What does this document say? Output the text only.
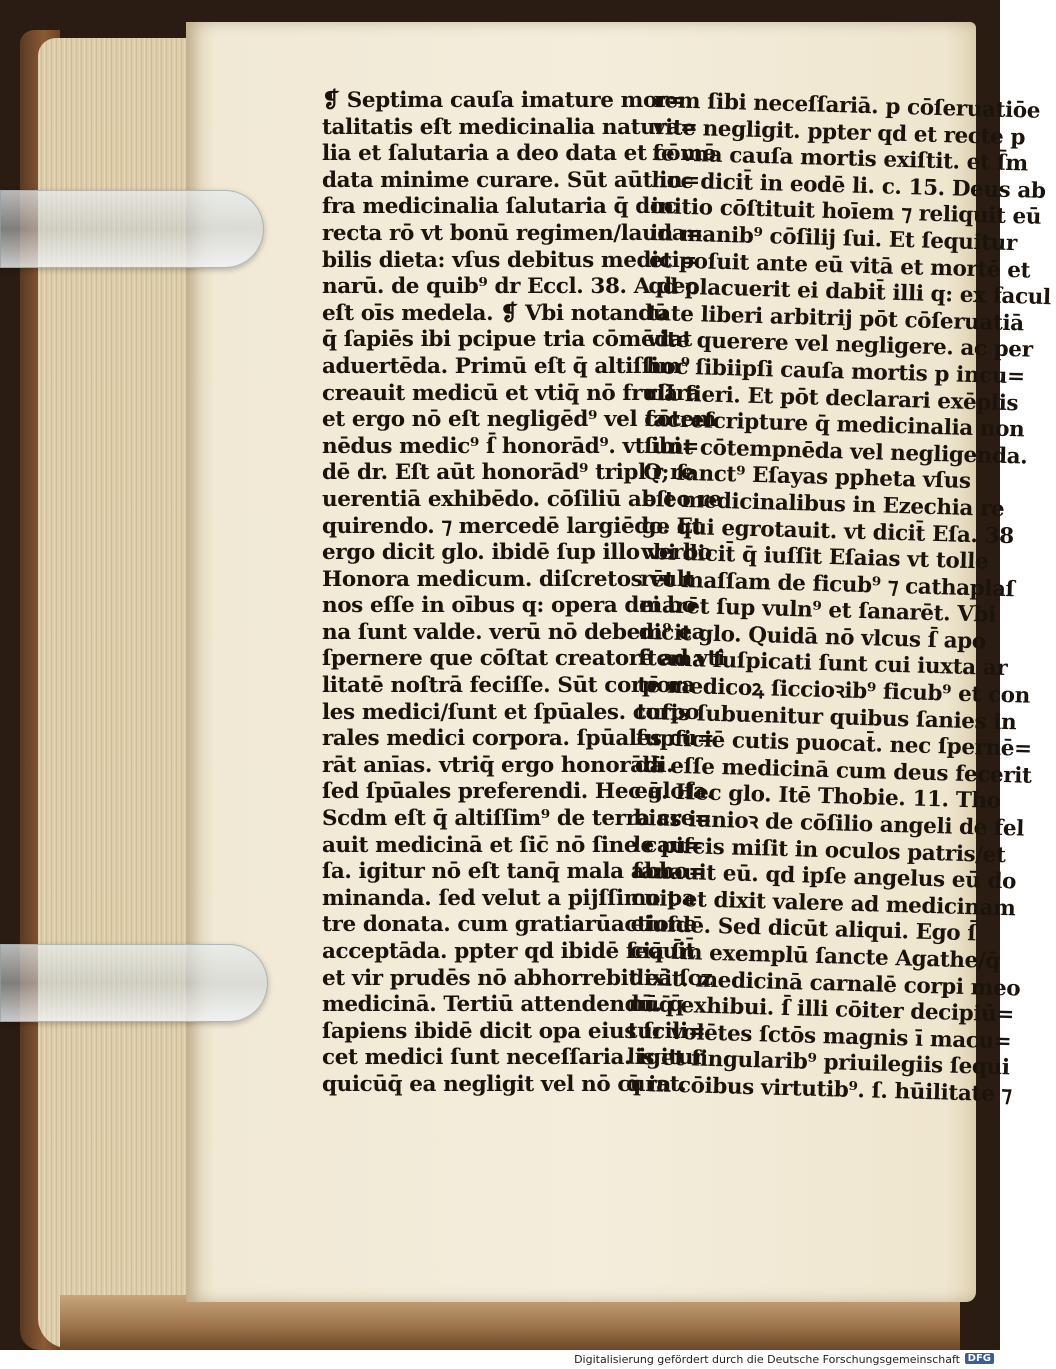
❡ Septima cauſa imature mor=
talitatis eſt medicinalia natura=
lia et ſalutaria a deo data et cōmē
data minime curare. Sūt aūt in=
fra medicinalia ſalutaria q̄ doc
recta rō vt bonū regimen/lauda=
bilis dieta: vſus debitus medici=
narū. de quib⁹ dr Eccl. 38. A deo
eſt oīs medela. ❡ Vbi notandū
q̄ ſapiēs ibi pcipue tria cōmēdat
aduertēda. Primū eſt q̄ altiſſim⁹
creauit medicū et vtiq̄ nō fruſtra
et ergo nō eſt negligēd⁹ vel cōtem
nēdus medic⁹ ſ̄ honorād⁹. vt ibi=
dē dr. Eſt aūt honorād⁹ tripl'r re
uerentiā exhibēdo. cōſiliū ab eo re
quirendo. ⁊ mercedē largiēdo. Et
ergo dicit glo. ibidē ſup illo verbo
Honora medicum. diſcretos vult
nos eſſe in oībus q: opera dei bo
na ſunt valde. verū nō debem⁹ ea
ſpernere que cōſtat creatorē ad vti
litatē noſtrā feciſſe. Sūt corpora
les medici/ſunt et ſpūales. corpo
rales medici corpora. ſpūales cu=
rāt anīas. vtriq̄ ergo honorādi.
ſed ſpūales preferendi. Hec gloſa.
Scdm eſt q̄ altiſſim⁹ de terra cre=
auit medicinā et ſic̄ nō ſine cau=
ſa. igitur nō eſt tanq̄ mala abho=
minanda. ſed velut a pĳſſimo pa
tre donata. cum gratiarūactione
acceptāda. ppter qd ibidē ſequit̄
et vir prudēs nō abhorrebit eā ſcz
medicinā. Tertiū attendendū. q̄
ſapiens ibidē dicit opa eius ſcili=
cet medici ſunt neceſſaria. igitur
quicūq̄ ea negligit vel nō curat.
rem ſibi neceſſariā. p cōſeruatiōe
vite negligit. ppter qd et recte p
ſe vna cauſa mortis exiſtit. et ſ̄m
hoc dicit̄ in eodē li. c. 15. Deus ab
initio cōſtituit hoīem ⁊ reliquit eū
in manib⁹ cōſilij ſui. Et ſequitur
et poſuit ante eū vitā et mortē et
qd placuerit ei dabit̄ illi q: ex facul
tate liberi arbitrij pōt cōſeruatiā
vite querere vel negligere. ac per
hoc ſibiipſi cauſa mortis p incu=
riā fieri. Et pōt declarari exēplis
ſacreſcripture q̄ medicinalia non
ſunt cōtempnēda vel negligenda.
Q; ſanct⁹ Eſayas ppheta vſus
eſt medicinalibus in Ezechia re
ge qui egrotauit. vt dicit̄ Eſa. 38
vbi dicit̄ q̄ iuſſit Eſaias vt tolle
rēt maſſam de ficub⁹ ⁊ cathaplaſ
marēt ſup vuln⁹ et ſanarēt. Vbi
dicit glo. Quidā nō vlcus ſ̄ apo
ſtema ſuſpicati ſunt cui iuxta ar
tē medicoꝝ ſiccioꝛib⁹ ficub⁹ et con
tuſis ſubuenitur quibus ſanies in
ſupficiē cutis puocat̄. nec ſpernē=
dā eſſe medicinā cum deus fecerit
eā. Hec glo. Itē Thobie. 11. Tho
bias iunioꝛ de cōſilio angeli de fel
le piſcis miſit in oculos patris/et
ſanauit eū. qd ipſe angelus eū do
cuit et dixit valere ad medicinam
eiuſdē. Sed dicūt aliqui. Ego ſ̄
ciā ſ̄m exemplū ſancte Agathe/q̄
dixit. medicinā carnalē corpi meo
nūq̄ exhibui. ſ̄ illi cōiter decipiū=
tur volētes ſctōs magnis ī macu=
lis et ſingularib⁹ priuilegiis ſequi
q̄ in cōibus virtutib⁹. ſ. hūilitate ⁊
Digitalisierung gefördert durch die Deutsche Forschungsgemeinschaft DFG
